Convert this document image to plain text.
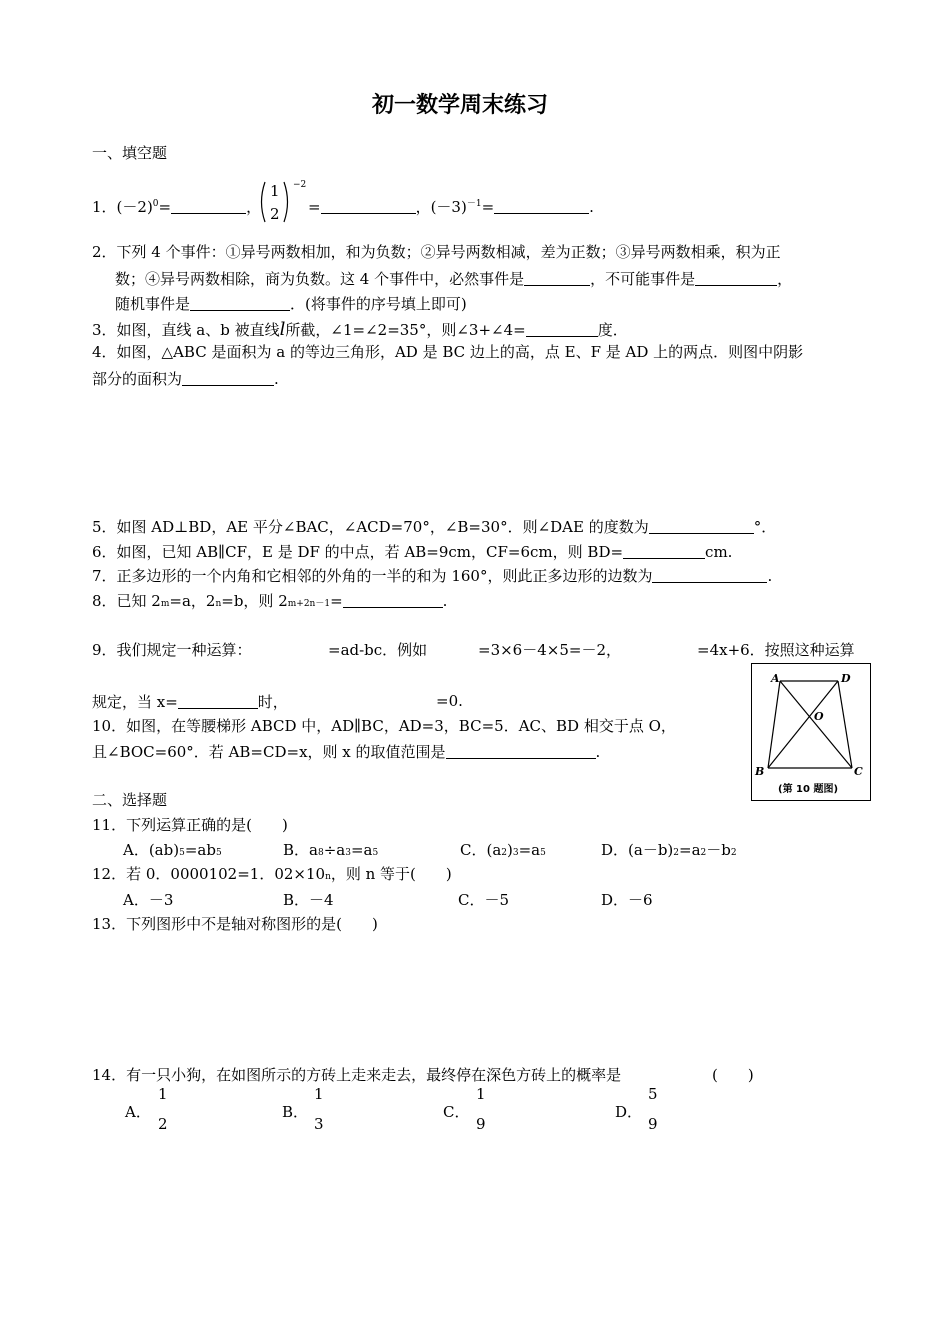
初一数学周末练习
一、填空题
1．$(-2)^0=$	，
1
2
−2
=	，$(-3)^{-1}=$	.
2．下列 4 个事件：①异号两数相加，和为负数；②异号两数相减，差为正数；③异号两数相乘，积为正
数；④异号两数相除，商为负数。这 4 个事件中，必然事件是	，不可能事件是	，
随机事件是	．(将事件的序号填上即可)
3．如图，直线 a、b 被直线l所截，∠1=∠2=35°，则∠3+∠4=	度．
4．如图，△ABC 是面积为 a 的等边三角形，AD 是 BC 边上的高，点 E、F 是 AD 上的两点．则图中阴影
部分的面积为	.
5．如图 AD⊥BD，AE 平分∠BAC，∠ACD=70°，∠B=30°．则∠DAE 的度数为	°．
6．如图，已知 AB∥CF，E 是 DF 的中点，若 AB=9cm，CF=6cm，则 BD=	cm.
7．正多边形的一个内角和它相邻的外角的一半的和为 160°，则此正多边形的边数为	.
8．已知 2m=a，2n=b，则 2m+2n－1=	.
9．我们规定一种运算：	=ad-bc．例如	=3×6－4×5=－2，	=4x+6．按照这种运算
规定，当 x=	时，	=0.
10．如图，在等腰梯形 ABCD 中，AD∥BC，AD=3，BC=5．AC、BD 相交于点 O，
且∠BOC=60°．若 AB=CD=x，则 x 的取值范围是	.
A	D
O
B	C
(第 10 题图)
二、选择题
11．下列运算正确的是(　　)
A．(ab)5=ab5	B．a8÷a3=a5	C．(a2)3=a5	D．(a－b)2=a2－b2
12．若 0．0000102=1．02×10n，则 n 等于(　　)
A．－3	B．－4	C．－5	D．－6
13．下列图形中不是轴对称图形的是(　　)
14．有一只小狗，在如图所示的方砖上走来走去，最终停在深色方砖上的概率是	(　　)
A．
1
2
B．
1
3
C．
1
9
D．
5
9
